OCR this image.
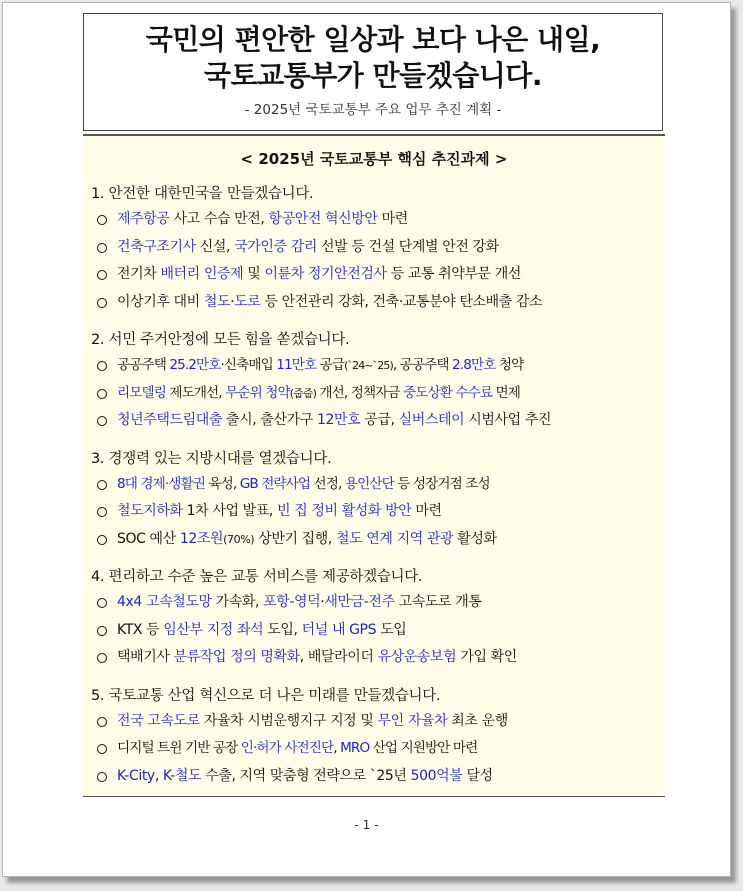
국민의 편안한 일상과 보다 나은 내일,
국토교통부가 만들겠습니다.
- 2025년 국토교통부 주요 업무 추진 계획 -
< 2025년 국토교통부 핵심 추진과제 >
1. 안전한 대한민국을 만들겠습니다.
제주항공 사고 수습 만전, 항공안전 혁신방안 마련
건축구조기사 신설, 국가인증 감리 선발 등 건설 단계별 안전 강화
전기차 배터리 인증제 및 이륜차 정기안전검사 등 교통 취약부문 개선
이상기후 대비 철도·도로 등 안전관리 강화, 건축·교통분야 탄소배출 감소
2. 서민 주거안정에 모든 힘을 쏟겠습니다.
공공주택 25.2만호·신축매입 11만호 공급(`24~`25), 공공주택 2.8만호 청약
리모델링 제도개선, 무순위 청약(줍줍) 개선, 정책자금 중도상환 수수료 면제
청년주택드림대출 출시, 출산가구 12만호 공급, 실버스테이 시범사업 추진
3. 경쟁력 있는 지방시대를 열겠습니다.
8대 경제·생활권 육성, GB 전략사업 선정, 용인산단 등 성장거점 조성
철도지하화 1차 사업 발표, 빈 집 정비 활성화 방안 마련
SOC 예산 12조원(70%) 상반기 집행, 철도 연계 지역 관광 활성화
4. 편리하고 수준 높은 교통 서비스를 제공하겠습니다.
4x4 고속철도망 가속화, 포항-영덕·새만금-전주 고속도로 개통
KTX 등 임산부 지정 좌석 도입, 터널 내 GPS 도입
택배기사 분류작업 정의 명확화, 배달라이더 유상운송보험 가입 확인
5. 국토교통 산업 혁신으로 더 나은 미래를 만들겠습니다.
전국 고속도로 자율차 시범운행지구 지정 및 무인 자율차 최초 운행
디지털 트윈 기반 공장 인·허가 사전진단, MRO 산업 지원방안 마련
K-City, K-철도 수출, 지역 맞춤형 전략으로 `25년 500억불 달성
- 1 -
